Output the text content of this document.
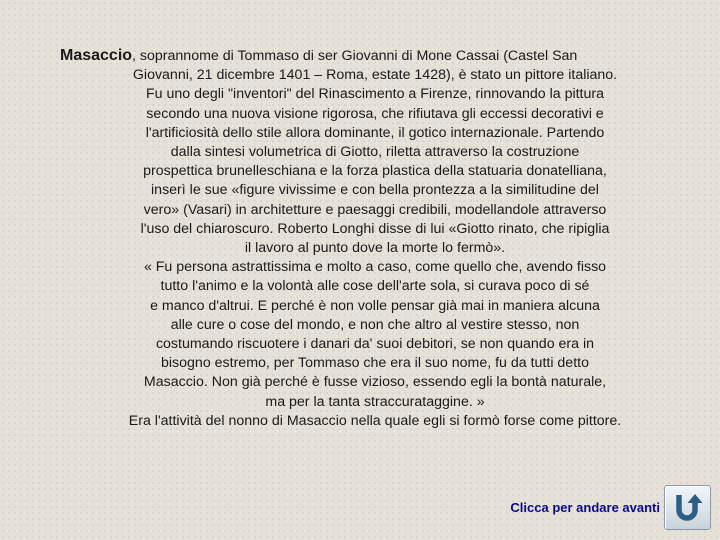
Masaccio, soprannome di Tommaso di ser Giovanni di Mone Cassai (Castel San
Giovanni, 21 dicembre 1401 – Roma, estate 1428), è stato un pittore italiano.
Fu uno degli "inventori" del Rinascimento a Firenze, rinnovando la pittura
secondo una nuova visione rigorosa, che rifiutava gli eccessi decorativi e
l'artificiosità dello stile allora dominante, il gotico internazionale. Partendo
dalla sintesi volumetrica di Giotto, riletta attraverso la costruzione
prospettica brunelleschiana e la forza plastica della statuaria donatelliana,
inserì le sue «figure vivissime e con bella prontezza a la similitudine del
vero» (Vasari) in architetture e paesaggi credibili, modellandole attraverso
l'uso del chiaroscuro. Roberto Longhi disse di lui «Giotto rinato, che ripiglia
il lavoro al punto dove la morte lo fermò».
« Fu persona astrattissima e molto a caso, come quello che, avendo fisso
tutto l'animo e la volontà alle cose dell'arte sola, si curava poco di sé
e manco d'altrui. E perché è non volle pensar già mai in maniera alcuna
alle cure o cose del mondo, e non che altro al vestire stesso, non
costumando riscuotere i danari da' suoi debitori, se non quando era in
bisogno estremo, per Tommaso che era il suo nome, fu da tutti detto
Masaccio. Non già perché è fusse vizioso, essendo egli la bontà naturale,
ma per la tanta straccurataggine. »
Era l'attività del nonno di Masaccio nella quale egli si formò forse come pittore.
Clicca per andare avanti
